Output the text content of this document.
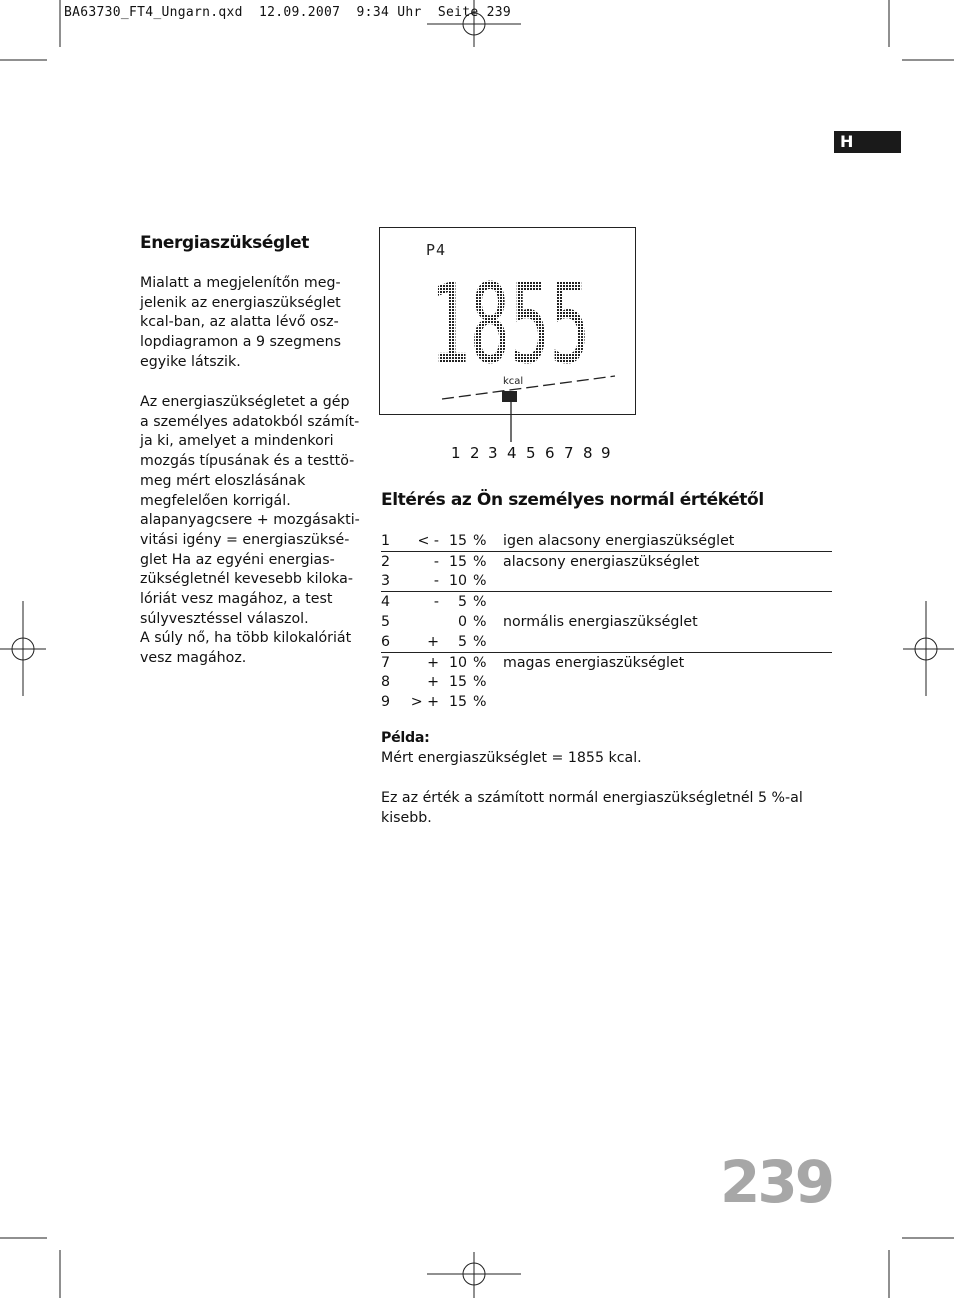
BA63730_FT4_Ungarn.qxd  12.09.2007  9:34 Uhr  Seite 239
H
Energiaszükséglet
Mialatt a megjelenítőn meg-
jelenik az energiaszükséglet
kcal-ban, az alatta lévő osz-
lopdiagramon a 9 szegmens
egyike látszik.
Az energiaszükségletet a gép
a személyes adatokból számít-
ja ki, amelyet a mindenkori
mozgás típusának és a testtö-
meg mért eloszlásának
megfelelően korrigál.
alapanyagcsere + mozgásakti-
vitási igény = energiaszüksé-
glet Ha az egyéni energias-
zükségletnél kevesebb kiloka-
lóriát vesz magához, a test
súlyvesztéssel válaszol.
A súly nő, ha több kilokalóriát
vesz magához.
P4
1855
kcal
1 2 3 4 5 6 7 8 9
Eltérés az Ön személyes normál értékétől
1	< -	15	%	igen alacsony energiaszükséglet
2	-	15	%	alacsony energiaszükséglet
3	-	10	%	
4	-	5	%	
5		0	%	normális energiaszükséglet
6	+	5	%	
7	+	10	%	magas energiaszükséglet
8	+	15	%	
9	> +	15	%	
Példa:
Mért energiaszükséglet = 1855 kcal.
Ez az érték a számított normál energiaszükségletnél 5 %-al kisebb.
239
